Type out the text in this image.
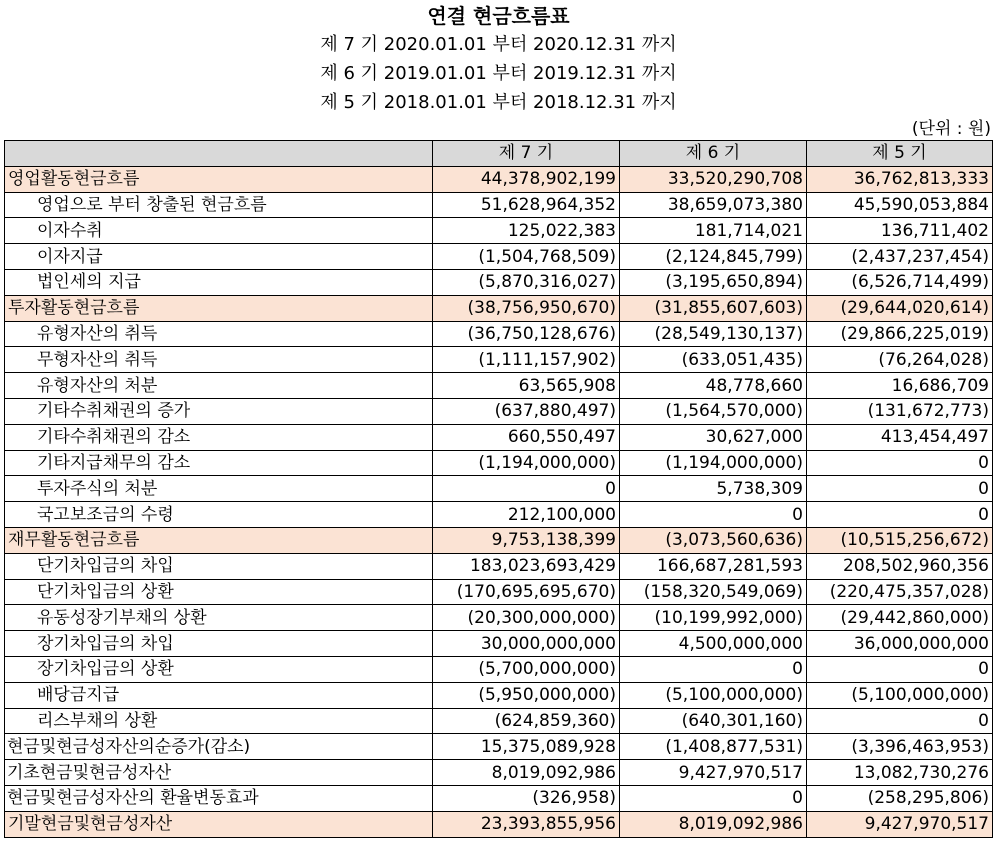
연결 현금흐름표
제 7 기 2020.01.01 부터 2020.12.31 까지
제 6 기 2019.01.01 부터 2019.12.31 까지
제 5 기 2018.01.01 부터 2018.12.31 까지
(단위 : 원)
	제 7 기	제 6 기	제 5 기
영업활동현금흐름	44,378,902,199	33,520,290,708	36,762,813,333
영업으로 부터 창출된 현금흐름	51,628,964,352	38,659,073,380	45,590,053,884
이자수취	125,022,383	181,714,021	136,711,402
이자지급	(1,504,768,509)	(2,124,845,799)	(2,437,237,454)
법인세의 지급	(5,870,316,027)	(3,195,650,894)	(6,526,714,499)
투자활동현금흐름	(38,756,950,670)	(31,855,607,603)	(29,644,020,614)
유형자산의 취득	(36,750,128,676)	(28,549,130,137)	(29,866,225,019)
무형자산의 취득	(1,111,157,902)	(633,051,435)	(76,264,028)
유형자산의 처분	63,565,908	48,778,660	16,686,709
기타수취채권의 증가	(637,880,497)	(1,564,570,000)	(131,672,773)
기타수취채권의 감소	660,550,497	30,627,000	413,454,497
기타지급채무의 감소	(1,194,000,000)	(1,194,000,000)	0
투자주식의 처분	0	5,738,309	0
국고보조금의 수령	212,100,000	0	0
재무활동현금흐름	9,753,138,399	(3,073,560,636)	(10,515,256,672)
단기차입금의 차입	183,023,693,429	166,687,281,593	208,502,960,356
단기차입금의 상환	(170,695,695,670)	(158,320,549,069)	(220,475,357,028)
유동성장기부채의 상환	(20,300,000,000)	(10,199,992,000)	(29,442,860,000)
장기차입금의 차입	30,000,000,000	4,500,000,000	36,000,000,000
장기차입금의 상환	(5,700,000,000)	0	0
배당금지급	(5,950,000,000)	(5,100,000,000)	(5,100,000,000)
리스부채의 상환	(624,859,360)	(640,301,160)	0
현금및현금성자산의순증가(감소)	15,375,089,928	(1,408,877,531)	(3,396,463,953)
기초현금및현금성자산	8,019,092,986	9,427,970,517	13,082,730,276
현금및현금성자산의 환율변동효과	(326,958)	0	(258,295,806)
기말현금및현금성자산	23,393,855,956	8,019,092,986	9,427,970,517
